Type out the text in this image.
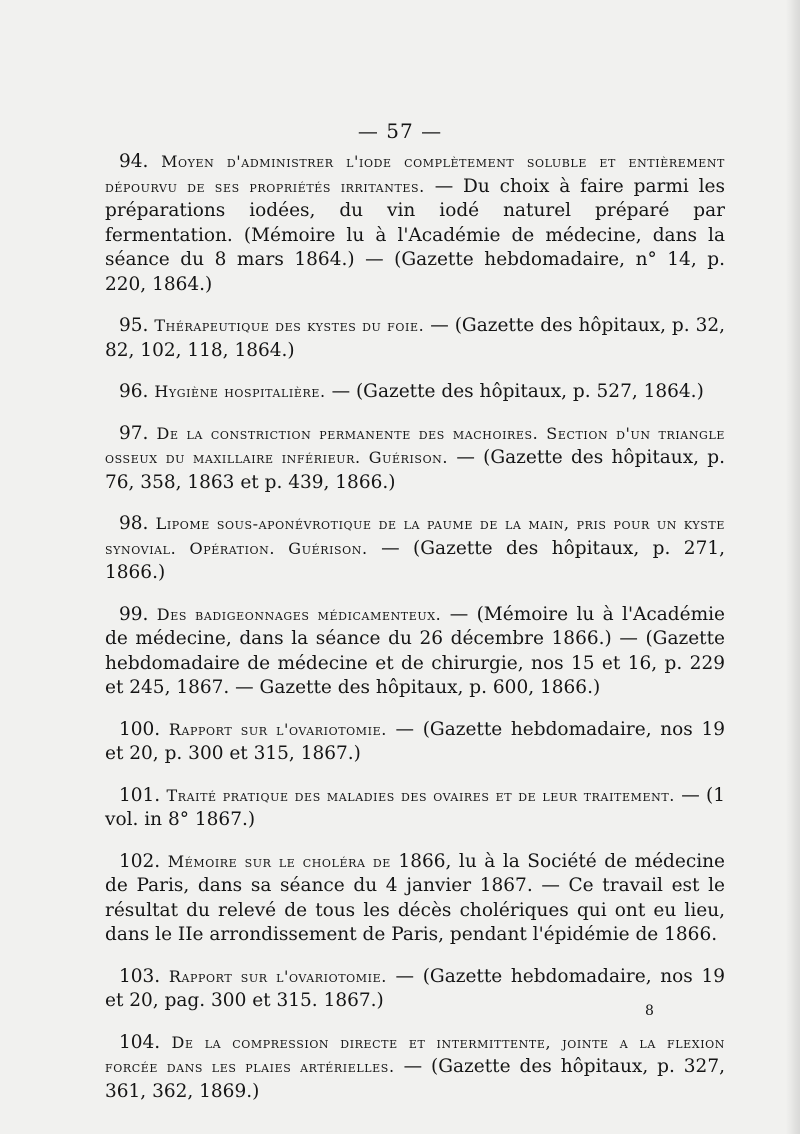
— 57 —

94. Moyen d'administrer l'iode complètement soluble et entièrement dépourvu de ses propriétés irritantes. — Du choix à faire parmi les préparations iodées, du vin iodé naturel préparé par fermentation. (Mémoire lu à l'Académie de médecine, dans la séance du 8 mars 1864.) — (Gazette hebdomadaire, n° 14, p. 220, 1864.)

95. Thérapeutique des kystes du foie. — (Gazette des hôpitaux, p. 32, 82, 102, 118, 1864.)

96. Hygiène hospitalière. — (Gazette des hôpitaux, p. 527, 1864.)

97. De la constriction permanente des machoires. Section d'un triangle osseux du maxillaire inférieur. Guérison. — (Gazette des hôpitaux, p. 76, 358, 1863 et p. 439, 1866.)

98. Lipome sous-aponévrotique de la paume de la main, pris pour un kyste synovial. Opération. Guérison. — (Gazette des hôpitaux, p. 271, 1866.)

99. Des badigeonnages médicamenteux. — (Mémoire lu à l'Académie de médecine, dans la séance du 26 décembre 1866.) — (Gazette hebdomadaire de médecine et de chirurgie, nos 15 et 16, p. 229 et 245, 1867. — Gazette des hôpitaux, p. 600, 1866.)

100. Rapport sur l'ovariotomie. — (Gazette hebdomadaire, nos 19 et 20, p. 300 et 315, 1867.)

101. Traité pratique des maladies des ovaires et de leur traitement. — (1 vol. in 8° 1867.)

102. Mémoire sur le choléra de 1866, lu à la Société de médecine de Paris, dans sa séance du 4 janvier 1867. — Ce travail est le résultat du relevé de tous les décès cholériques qui ont eu lieu, dans le IIe arrondissement de Paris, pendant l'épidémie de 1866.

103. Rapport sur l'ovariotomie. — (Gazette hebdomadaire, nos 19 et 20, pag. 300 et 315. 1867.)

104. De la compression directe et intermittente, jointe a la flexion forcée dans les plaies artérielles. — (Gazette des hôpitaux, p. 327, 361, 362, 1869.)

8
